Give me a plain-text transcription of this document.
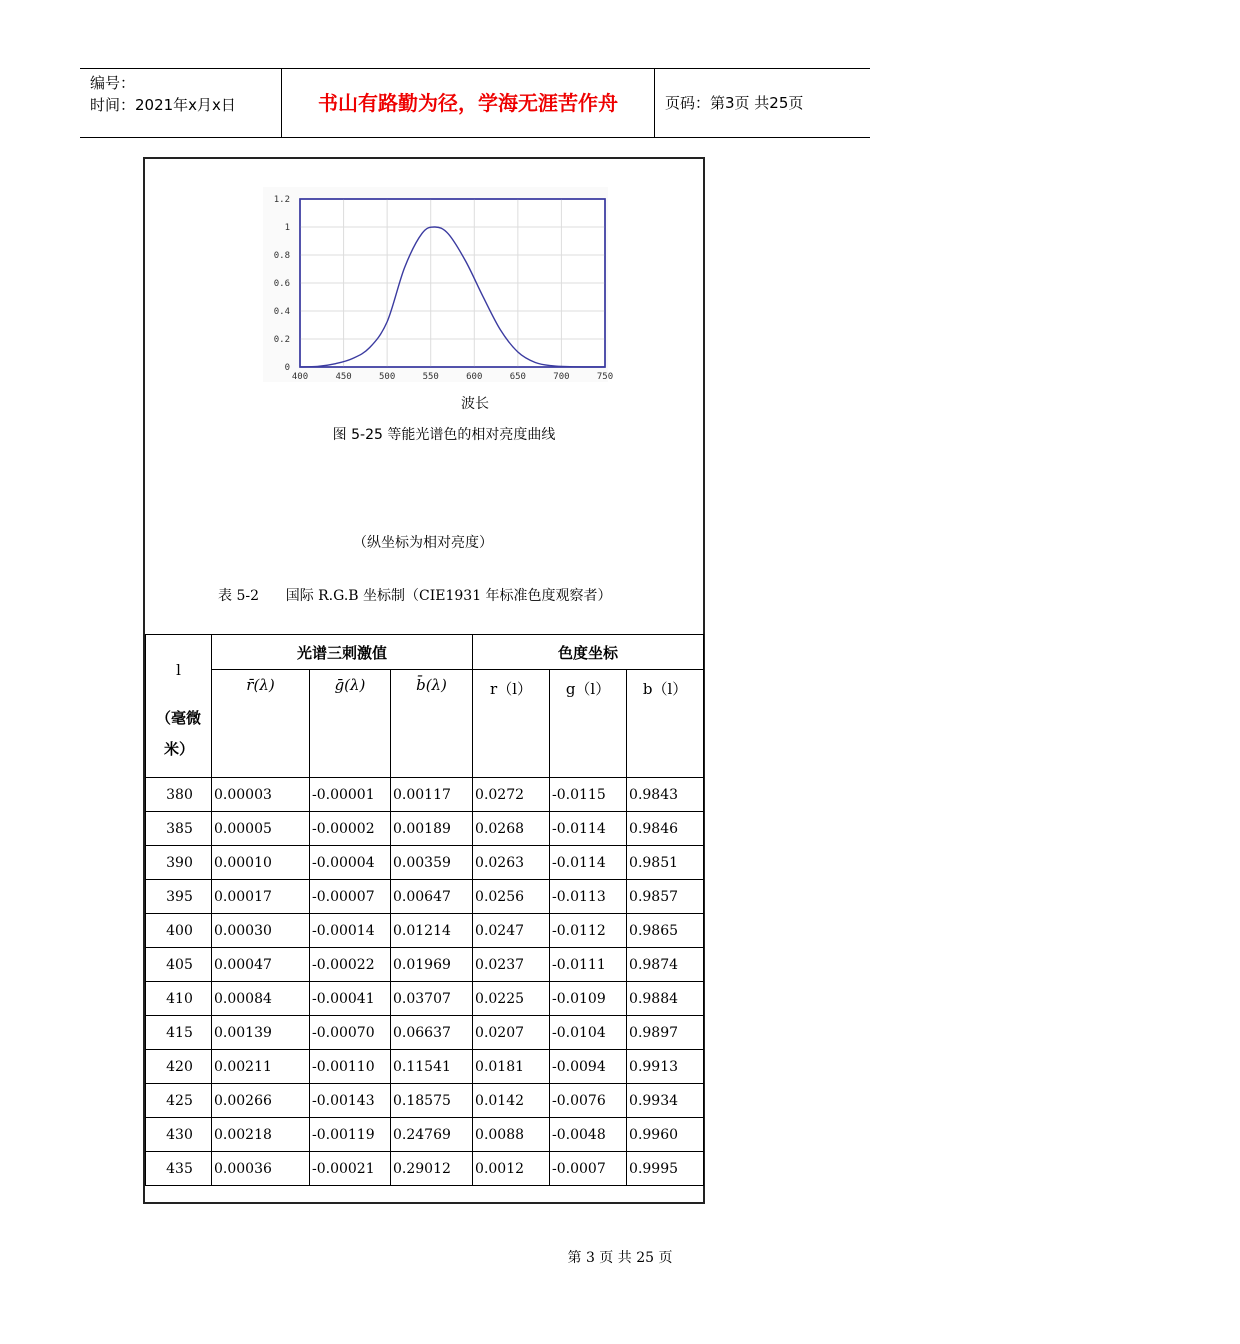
编号：
时间：2021年x月x日	书山有路勤为径，学海无涯苦作舟	页码：第3页 共25页
400	450	500	550	600	650	700	750
0
0.2
0.4
0.6
0.8
1
1.2
波长
图 5-25 等能光谱色的相对亮度曲线
（纵坐标为相对亮度）
表 5-2      国际 R.G.B 坐标制（CIE1931 年标准色度观察者）
l
（毫微
米）	光谱三刺激值			色度坐标		
	r̄(λ)	ḡ(λ)	b̄(λ)	r（l）	g（l）	b（l）
380	0.00003	-0.00001	0.00117	0.0272	-0.0115	0.9843
385	0.00005	-0.00002	0.00189	0.0268	-0.0114	0.9846
390	0.00010	-0.00004	0.00359	0.0263	-0.0114	0.9851
395	0.00017	-0.00007	0.00647	0.0256	-0.0113	0.9857
400	0.00030	-0.00014	0.01214	0.0247	-0.0112	0.9865
405	0.00047	-0.00022	0.01969	0.0237	-0.0111	0.9874
410	0.00084	-0.00041	0.03707	0.0225	-0.0109	0.9884
415	0.00139	-0.00070	0.06637	0.0207	-0.0104	0.9897
420	0.00211	-0.00110	0.11541	0.0181	-0.0094	0.9913
425	0.00266	-0.00143	0.18575	0.0142	-0.0076	0.9934
430	0.00218	-0.00119	0.24769	0.0088	-0.0048	0.9960
435	0.00036	-0.00021	0.29012	0.0012	-0.0007	0.9995
第 3 页 共 25 页
